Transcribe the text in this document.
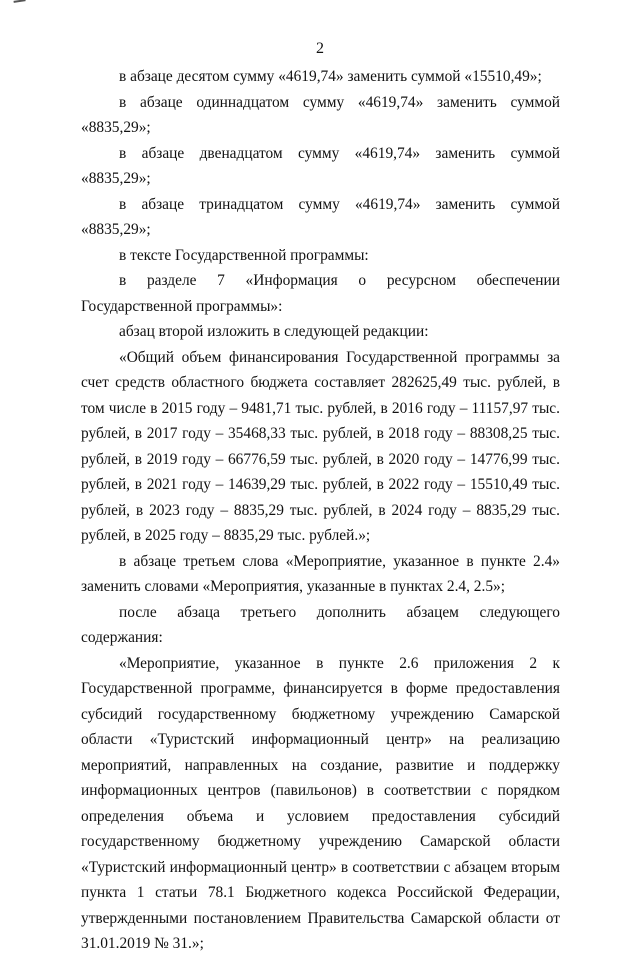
2

в абзаце десятом сумму «4619,74» заменить суммой «15510,49»;

в абзаце одиннадцатом сумму «4619,74» заменить суммой «8835,29»;

в абзаце двенадцатом сумму «4619,74» заменить суммой «8835,29»;

в абзаце тринадцатом сумму «4619,74» заменить суммой «8835,29»;

в тексте Государственной программы:

в разделе 7 «Информация о ресурсном обеспечении Государственной программы»:

абзац второй изложить в следующей редакции:

«Общий объем финансирования Государственной программы за счет средств областного бюджета составляет 282625,49 тыс. рублей, в том числе в 2015 году – 9481,71 тыс. рублей, в 2016 году – 11157,97 тыс. рублей, в 2017 году – 35468,33 тыс. рублей, в 2018 году – 88308,25 тыс. рублей, в 2019 году – 66776,59 тыс. рублей, в 2020 году – 14776,99 тыс. рублей, в 2021 году – 14639,29 тыс. рублей, в 2022 году – 15510,49 тыс. рублей, в 2023 году – 8835,29 тыс. рублей, в 2024 году – 8835,29 тыс. рублей, в 2025 году – 8835,29 тыс. рублей.»;

в абзаце третьем слова «Мероприятие, указанное в пункте 2.4» заменить словами «Мероприятия, указанные в пунктах 2.4, 2.5»;

после абзаца третьего дополнить абзацем следующего содержания:

«Мероприятие, указанное в пункте 2.6 приложения 2 к Государственной программе, финансируется в форме предоставления субсидий государственному бюджетному учреждению Самарской области «Туристский информационный центр» на реализацию мероприятий, направленных на создание, развитие и поддержку информационных центров (павильонов) в соответствии с порядком определения объема и условием предоставления субсидий государственному бюджетному учреждению Самарской области «Туристский информационный центр» в соответствии с абзацем вторым пункта 1 статьи 78.1 Бюджетного кодекса Российской Федерации, утвержденными постановлением Правительства Самарской области от 31.01.2019 № 31.»;
